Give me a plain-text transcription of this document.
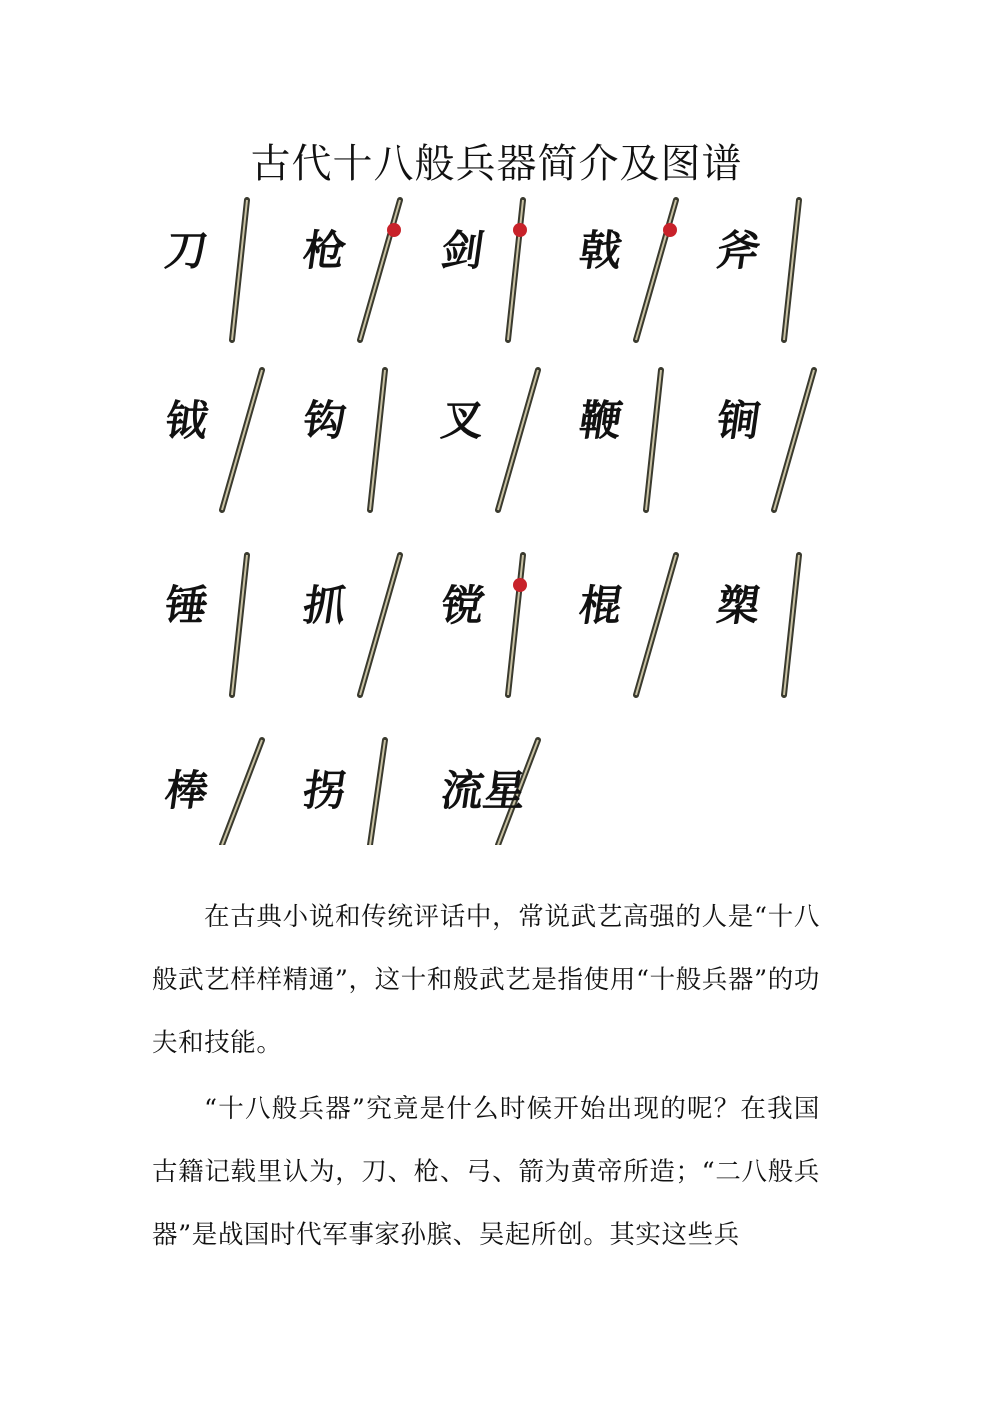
古代十八般兵器简介及图谱
刀 枪 剑 戟 斧
钺 钩 叉 鞭 锏
锤 抓 镋 棍 槊
棒 拐 流星

在古典小说和传统评话中，常说武艺高强的人是“十八般武艺样样精通”，这十和般武艺是指使用“十般兵器”的功夫和技能。

“十八般兵器”究竟是什么时候开始出现的呢？在我国古籍记载里认为，刀、枪、弓、箭为黄帝所造；“二八般兵器”是战国时代军事家孙膑、吴起所创。其实这些兵
